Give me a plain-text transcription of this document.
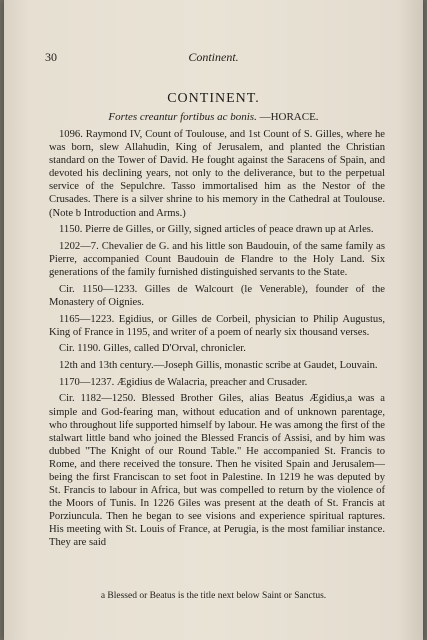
30	Continent.
CONTINENT.
Fortes creantur fortibus ac bonis. —HORACE.

1096. Raymond IV, Count of Toulouse, and 1st Count of S. Gilles, where he was born, slew Allahudin, King of Jerusalem, and planted the Christian standard on the Tower of David. He fought against the Saracens of Spain, and devoted his declining years, not only to the deliverance, but to the perpetual service of the Sepulchre. Tasso immortalised him as the Nestor of the Crusades. There is a silver shrine to his memory in the Cathedral at Toulouse. (Note b Introduction and Arms.)

1150. Pierre de Gilles, or Gilly, signed articles of peace drawn up at Arles.

1202—7. Chevalier de G. and his little son Baudouin, of the same family as Pierre, accompanied Count Baudouin de Flandre to the Holy Land. Six generations of the family furnished distinguished servants to the State.

Cir. 1150—1233. Gilles de Walcourt (le Venerable), founder of the Monastery of Oignies.

1165—1223. Egidius, or Gilles de Corbeil, physician to Philip Augustus, King of France in 1195, and writer of a poem of nearly six thousand verses.

Cir. 1190. Gilles, called D'Orval, chronicler.

12th and 13th century.—Joseph Gillis, monastic scribe at Gaudet, Louvain.

1170—1237. Ægidius de Walacria, preacher and Crusader.

Cir. 1182—1250. Blessed Brother Giles, alias Beatus Ægidius,a was a simple and God-fearing man, without education and of unknown parentage, who throughout life supported himself by labour. He was among the first of the stalwart little band who joined the Blessed Francis of Assisi, and by him was dubbed "The Knight of our Round Table." He accompanied St. Francis to Rome, and there received the tonsure. Then he visited Spain and Jerusalem—being the first Franciscan to set foot in Palestine. In 1219 he was deputed by St. Francis to labour in Africa, but was compelled to return by the violence of the Moors of Tunis. In 1226 Giles was present at the death of St. Francis at Porziuncula. Then he began to see visions and experience spiritual raptures. His meeting with St. Louis of France, at Perugia, is the most familiar instance. They are said

a Blessed or Beatus is the title next below Saint or Sanctus.
